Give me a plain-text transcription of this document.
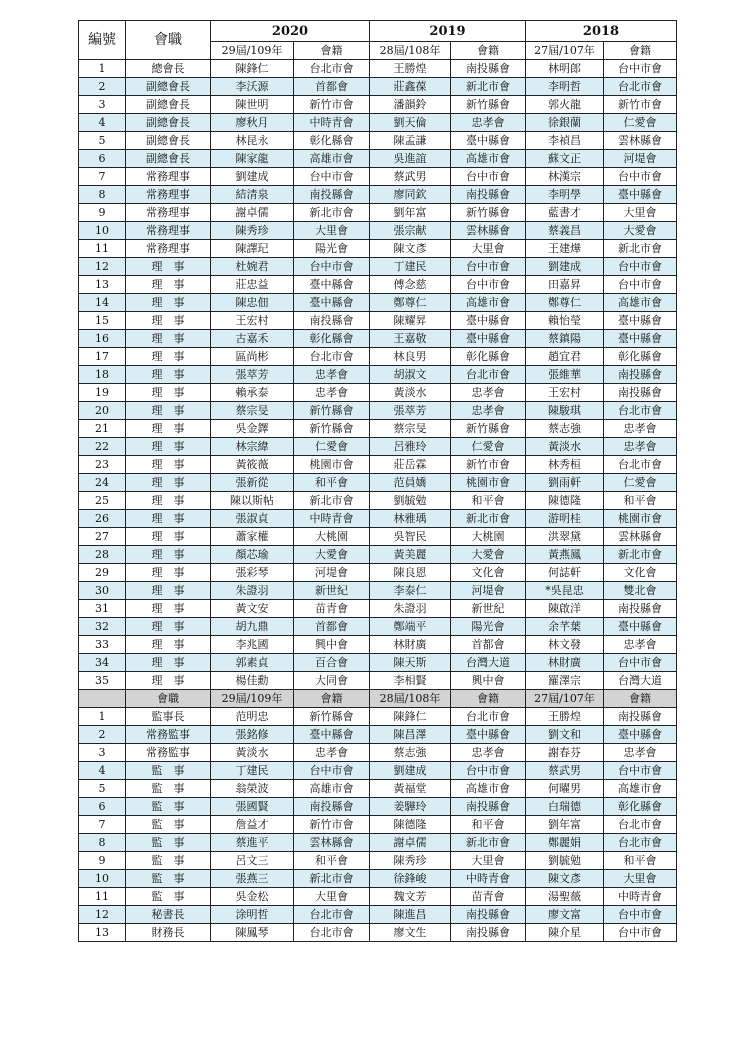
編號	會職	2020		2019		2018	
		29屆/109年	會籍	28屆/108年	會籍	27屆/107年	會籍
1	總會長	陳鋒仁	台北市會	王勝煌	南投縣會	林明郎	台中市會
2	副總會長	李沃源	首都會	莊鑫葆	新北市會	李明哲	台北市會
3	副總會長	陳世明	新竹市會	潘韻鈴	新竹縣會	郭火龍	新竹市會
4	副總會長	廖秋月	中時青會	劉天倫	忠孝會	徐銀蘭	仁愛會
5	副總會長	林昆永	彰化縣會	陳孟謙	臺中縣會	李禎昌	雲林縣會
6	副總會長	陳家龍	高雄市會	吳進誼	高雄市會	蘇文正	河堤會
7	常務理事	劉建成	台中市會	蔡武男	台中市會	林漢宗	台中市會
8	常務理事	結清泉	南投縣會	廖同欽	南投縣會	李明學	臺中縣會
9	常務理事	謝卓儒	新北市會	劉年富	新竹縣會	藍書才	大里會
10	常務理事	陳秀珍	大里會	張宗献	雲林縣會	蔡義昌	大愛會
11	常務理事	陳譯玘	陽光會	陳文彥	大里會	王建燁	新北市會
12	理　事	杜婉君	台中市會	丁建民	台中市會	劉建成	台中市會
13	理　事	莊忠益	臺中縣會	傅念慈	台中市會	田嘉昇	台中市會
14	理　事	陳忠佃	臺中縣會	鄭尊仁	高雄市會	鄭尊仁	高雄市會
15	理　事	王宏村	南投縣會	陳耀昇	臺中縣會	賴怡瑩	臺中縣會
16	理　事	古嘉禾	彰化縣會	王嘉敬	臺中縣會	蔡鎮陽	臺中縣會
17	理　事	區尚彬	台北市會	林良男	彰化縣會	趙宜君	彰化縣會
18	理　事	張萃芳	忠孝會	胡淑文	台北市會	張維華	南投縣會
19	理　事	賴承泰	忠孝會	黃淡水	忠孝會	王宏村	南投縣會
20	理　事	蔡宗旻	新竹縣會	張萃芳	忠孝會	陳駿琪	台北市會
21	理　事	吳金鐸	新竹縣會	蔡宗旻	新竹縣會	蔡志強	忠孝會
22	理　事	林宗緯	仁愛會	呂雅玲	仁愛會	黃淡水	忠孝會
23	理　事	黃筱薇	桃園市會	莊岳霖	新竹市會	林秀桓	台北市會
24	理　事	張新從	和平會	范員嬌	桃園市會	劉雨軒	仁愛會
25	理　事	陳以斯帖	新北市會	劉毓勉	和平會	陳德隆	和平會
26	理　事	張淑貞	中時青會	林雅瑀	新北市會	游明桂	桃園市會
27	理　事	蕭家權	大桃園	吳智民	大桃園	洪翠黛	雲林縣會
28	理　事	顏芯瑜	大愛會	黃美麗	大愛會	黃燕鳳	新北市會
29	理　事	張彩琴	河堤會	陳良恩	文化會	何誌軒	文化會
30	理　事	朱證羽	新世紀	李泰仁	河堤會	*吳昆忠	雙北會
31	理　事	黃文安	苗青會	朱證羽	新世紀	陳啟洋	南投縣會
32	理　事	胡九鼎	首都會	鄭端平	陽光會	余芊葉	臺中縣會
33	理　事	李兆國	興中會	林財廣	首都會	林文發	忠孝會
34	理　事	郭素貞	百合會	陳天斯	台灣大道	林財廣	台中市會
35	理　事	楊佳勳	大同會	李相賢	興中會	羅澤宗	台灣大道
	會職	29屆/109年	會籍	28屆/108年	會籍	27屆/107年	會籍
1	監事長	范明忠	新竹縣會	陳鋒仁	台北市會	王勝煌	南投縣會
2	常務監事	張銘修	臺中縣會	陳昌澤	臺中縣會	劉文和	臺中縣會
3	常務監事	黃淡水	忠孝會	蔡志強	忠孝會	謝春芬	忠孝會
4	監　事	丁建民	台中市會	劉建成	台中市會	蔡武男	台中市會
5	監　事	翁榮波	高雄市會	黃福堂	高雄市會	何曜男	高雄市會
6	監　事	張國賢	南投縣會	姜驊玲	南投縣會	白瑞德	彰化縣會
7	監　事	詹益才	新竹市會	陳德隆	和平會	劉年富	台北市會
8	監　事	蔡進平	雲林縣會	謝卓儒	新北市會	鄭麗娟	台北市會
9	監　事	呂文三	和平會	陳秀珍	大里會	劉毓勉	和平會
10	監　事	張燕三	新北市會	徐鋒峻	中時青會	陳文彥	大里會
11	監　事	吳金松	大里會	魏文芳	苗青會	湯聖薇	中時青會
12	秘書長	涂明哲	台北市會	陳進昌	南投縣會	廖文富	台中市會
13	財務長	陳鳳琴	台北市會	廖文生	南投縣會	陳介星	台中市會
